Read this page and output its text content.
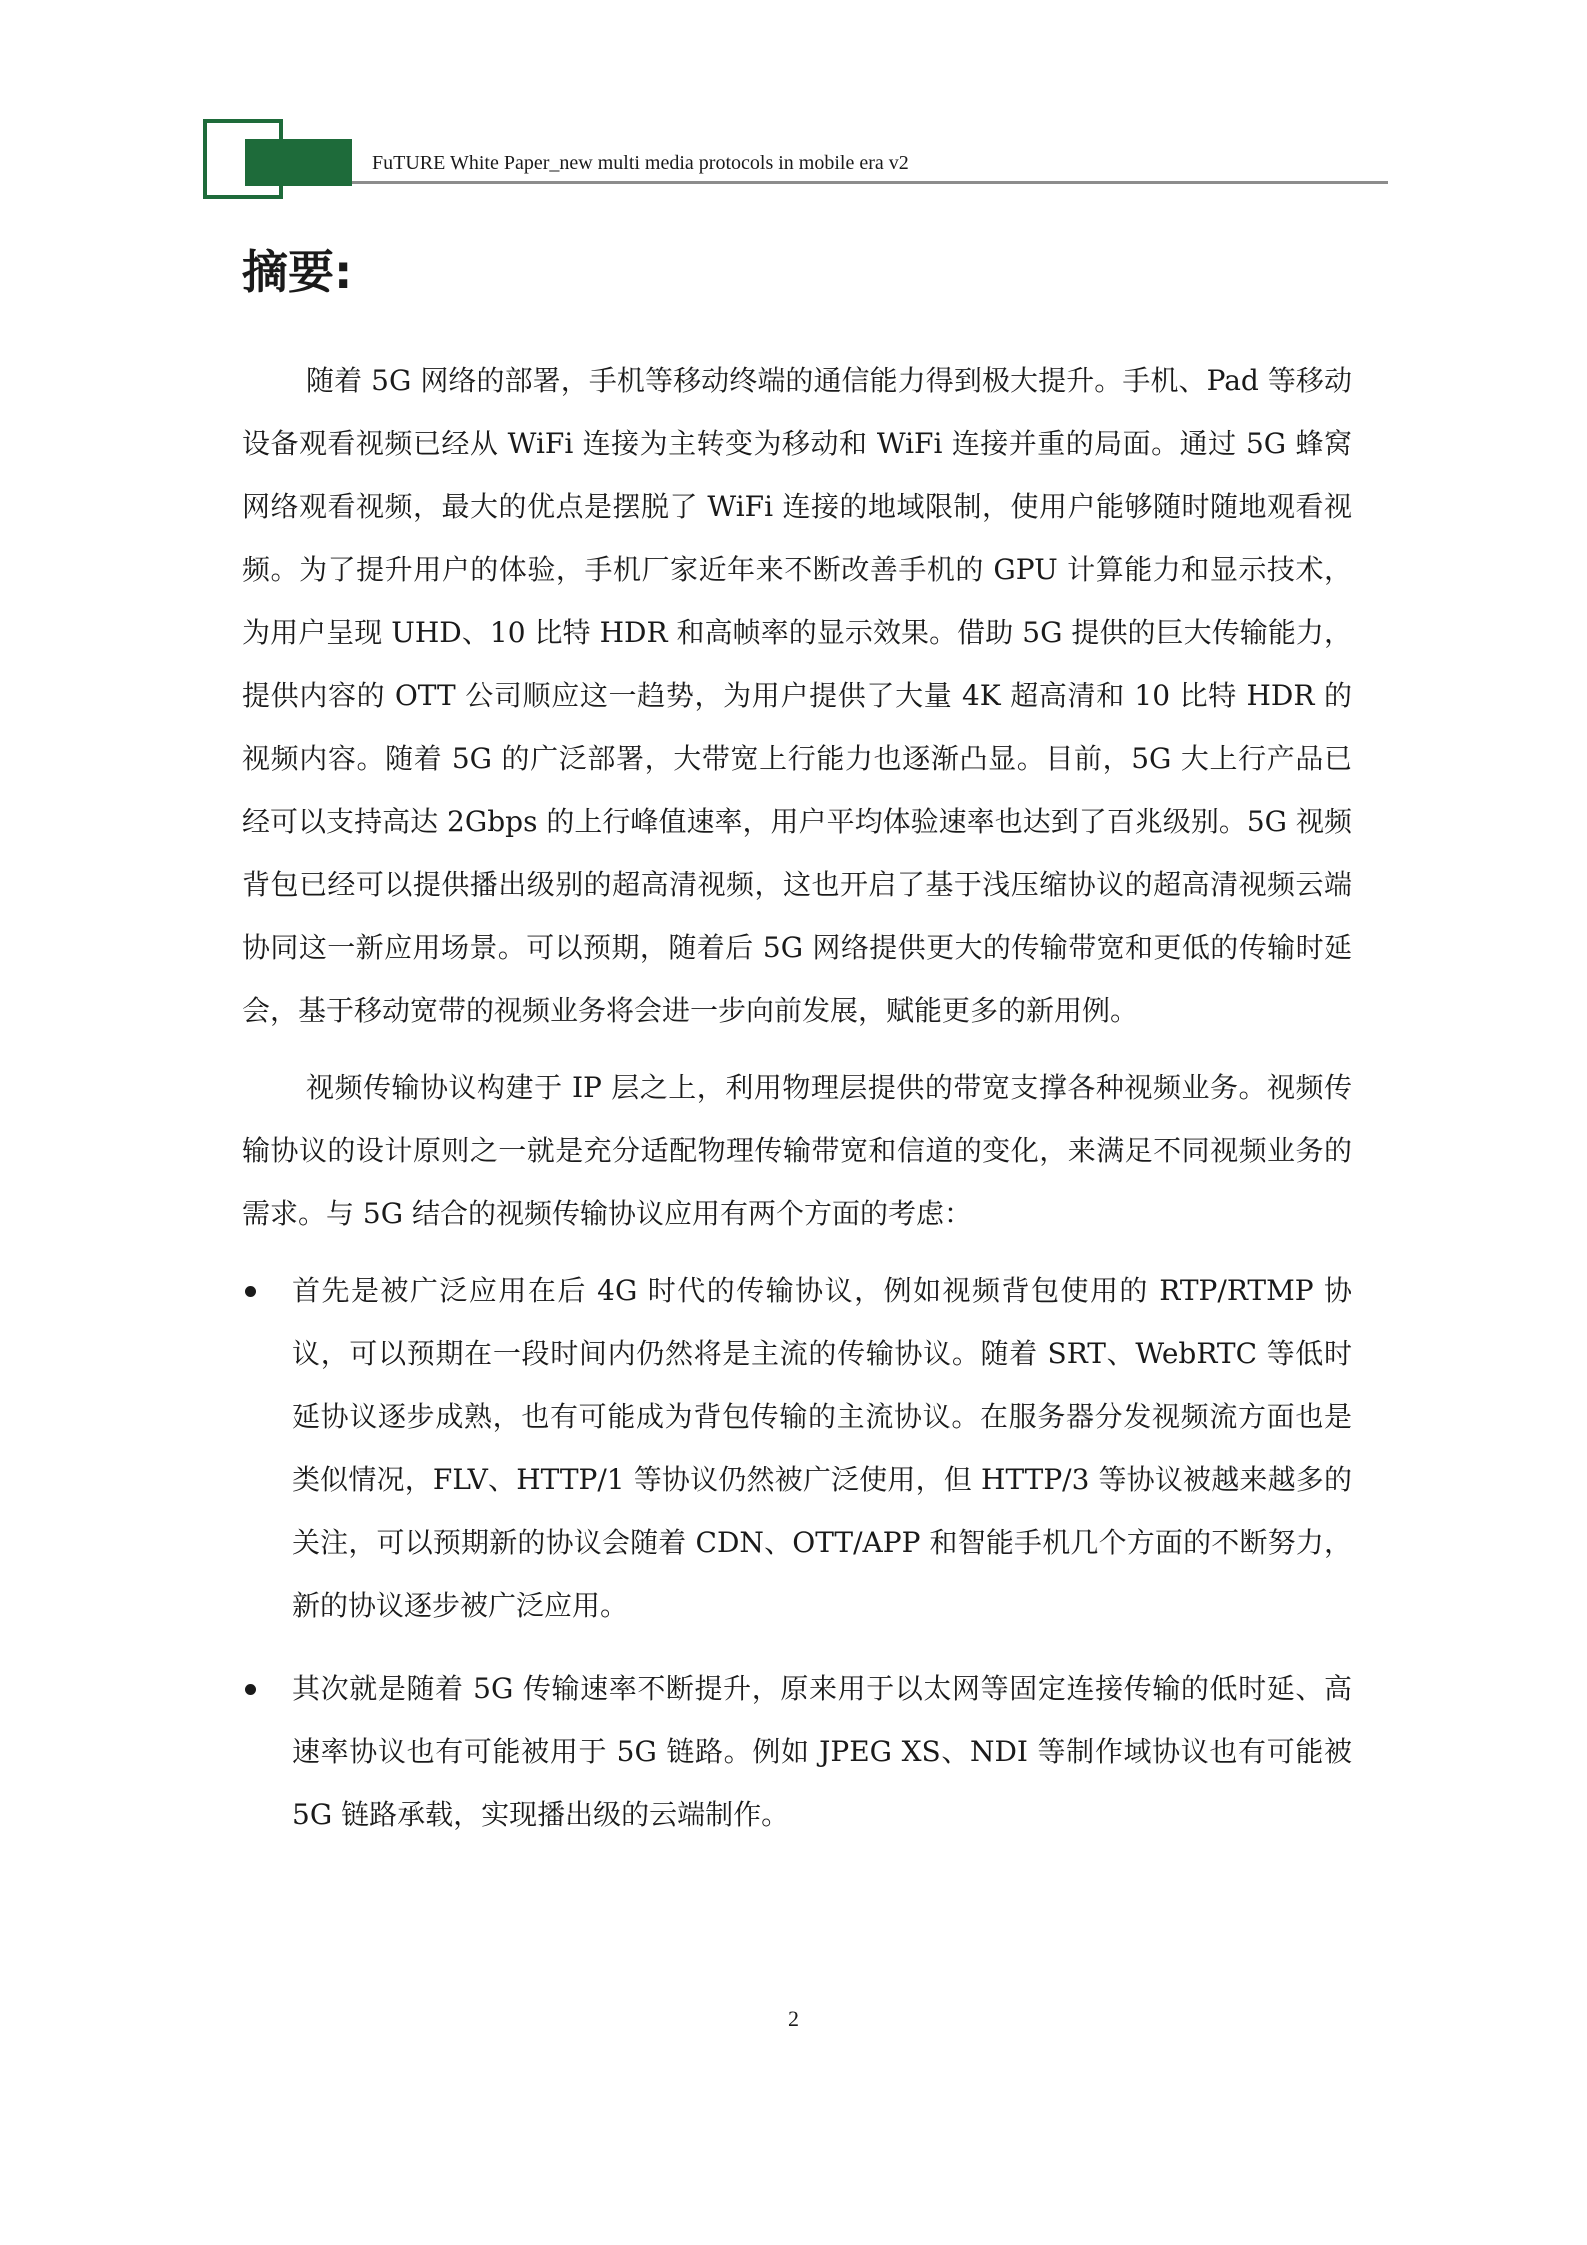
FuTURE White Paper_new multi media protocols in mobile era v2
摘要:

随着 5G 网络的部署，手机等移动终端的通信能力得到极大提升。手机、Pad 等移动设备观看视频已经从 WiFi 连接为主转变为移动和 WiFi 连接并重的局面。通过 5G 蜂窝网络观看视频，最大的优点是摆脱了 WiFi 连接的地域限制，使用户能够随时随地观看视频。为了提升用户的体验，手机厂家近年来不断改善手机的 GPU 计算能力和显示技术，为用户呈现 UHD、10 比特 HDR 和高帧率的显示效果。借助 5G 提供的巨大传输能力，提供内容的 OTT 公司顺应这一趋势，为用户提供了大量 4K 超高清和 10 比特 HDR 的视频内容。随着 5G 的广泛部署，大带宽上行能力也逐渐凸显。目前，5G 大上行产品已经可以支持高达 2Gbps 的上行峰值速率，用户平均体验速率也达到了百兆级别。5G 视频背包已经可以提供播出级别的超高清视频，这也开启了基于浅压缩协议的超高清视频云端协同这一新应用场景。可以预期，随着后 5G 网络提供更大的传输带宽和更低的传输时延会，基于移动宽带的视频业务将会进一步向前发展，赋能更多的新用例。

视频传输协议构建于 IP 层之上，利用物理层提供的带宽支撑各种视频业务。视频传输协议的设计原则之一就是充分适配物理传输带宽和信道的变化，来满足不同视频业务的需求。与 5G 结合的视频传输协议应用有两个方面的考虑：

首先是被广泛应用在后 4G 时代的传输协议，例如视频背包使用的 RTP/RTMP 协议，可以预期在一段时间内仍然将是主流的传输协议。随着 SRT、WebRTC 等低时延协议逐步成熟，也有可能成为背包传输的主流协议。在服务器分发视频流方面也是类似情况，FLV、HTTP/1 等协议仍然被广泛使用，但 HTTP/3 等协议被越来越多的关注，可以预期新的协议会随着 CDN、OTT/APP 和智能手机几个方面的不断努力，新的协议逐步被广泛应用。
其次就是随着 5G 传输速率不断提升，原来用于以太网等固定连接传输的低时延、高速率协议也有可能被用于 5G 链路。例如 JPEG XS、NDI 等制作域协议也有可能被 5G 链路承载，实现播出级的云端制作。
2
